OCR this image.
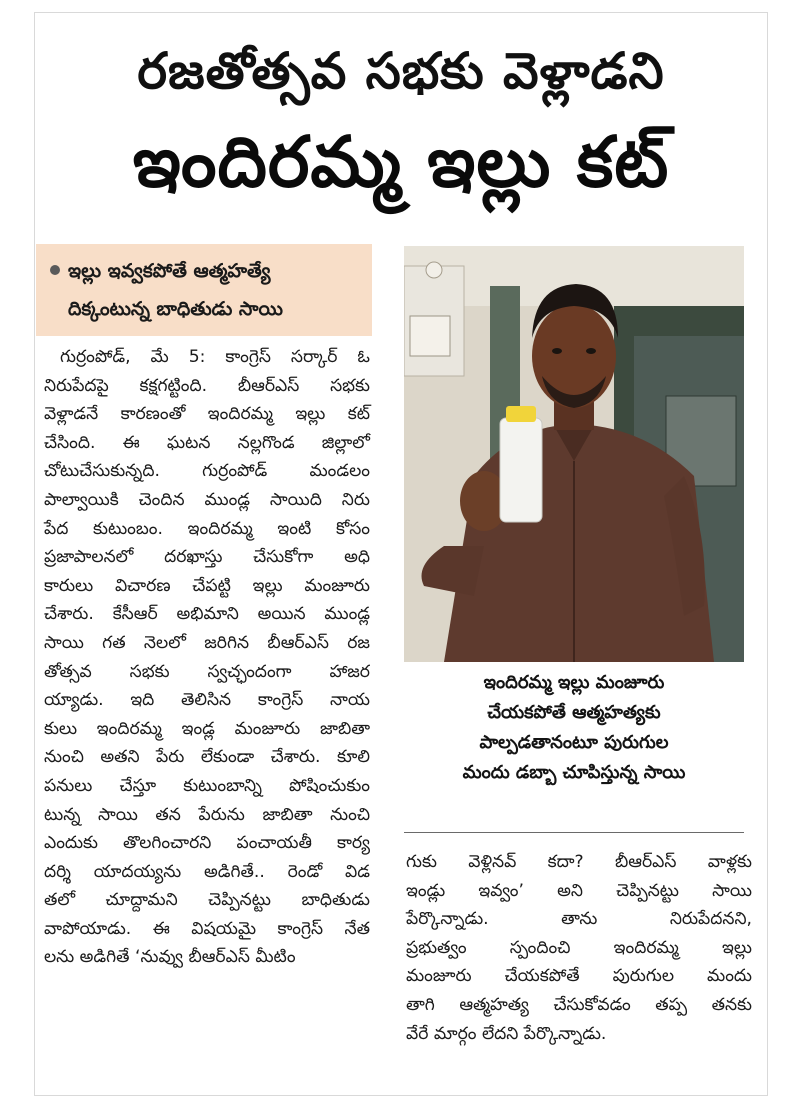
రజతోత్సవ సభకు వెళ్లాడని
ఇందిరమ్మ ఇల్లు కట్
ఇల్లు ఇవ్వకపోతే ఆత్మహత్యే
దిక్కంటున్న బాధితుడు సాయి
గుర్రంపోడ్‌, మే 5: కాంగ్రెస్‌ సర్కార్‌ ఓ
నిరుపేదపై కక్షగట్టింది. బీఆర్‌ఎస్‌ సభకు
వెళ్లాడనే కారణంతో ఇందిరమ్మ ఇల్లు కట్‌
చేసింది. ఈ ఘటన నల్లగొండ జిల్లాలో
చోటుచేసుకున్నది. గుర్రంపోడ్‌ మండలం
పాల్వాయికి చెందిన ముండ్ల సాయిది నిరు
పేద కుటుంబం. ఇందిరమ్మ ఇంటి కోసం
ప్రజాపాలనలో దరఖాస్తు చేసుకోగా అధి
కారులు విచారణ చేపట్టి ఇల్లు మంజూరు
చేశారు. కేసీఆర్‌ అభిమాని అయిన ముండ్ల
సాయి గత నెలలో జరిగిన బీఆర్‌ఎస్‌ రజ
తోత్సవ సభకు స్వచ్ఛందంగా హాజర
య్యాడు. ఇది తెలిసిన కాంగ్రెస్‌ నాయ
కులు ఇందిరమ్మ ఇండ్ల మంజూరు జాబితా
నుంచి అతని పేరు లేకుండా చేశారు. కూలి
పనులు చేస్తూ కుటుంబాన్ని పోషించుకుం
టున్న సాయి తన పేరును జాబితా నుంచి
ఎందుకు తొలగించారని పంచాయతీ కార్య
దర్శి యాదయ్యను అడిగితే.. రెండో విడ
తలో చూద్దామని చెప్పినట్టు బాధితుడు
వాపోయాడు. ఈ విషయమై కాంగ్రెస్‌ నేత
లను అడిగితే ‘నువ్వు బీఆర్‌ఎస్‌ మీటిం
ఇందిరమ్మ ఇల్లు మంజూరు
చేయకపోతే ఆత్మహత్యకు
పాల్పడతానంటూ పురుగుల
మందు డబ్బా చూపిస్తున్న సాయి
గుకు వెళ్లినవ్‌ కదా? బీఆర్‌ఎస్‌ వాళ్లకు
ఇండ్లు ఇవ్వం’ అని చెప్పినట్టు సాయి
పేర్కొన్నాడు. తాను నిరుపేదనని,
ప్రభుత్వం స్పందించి ఇందిరమ్మ ఇల్లు
మంజూరు చేయకపోతే పురుగుల మందు
తాగి ఆత్మహత్య చేసుకోవడం తప్ప తనకు
వేరే మార్గం లేదని పేర్కొన్నాడు.
